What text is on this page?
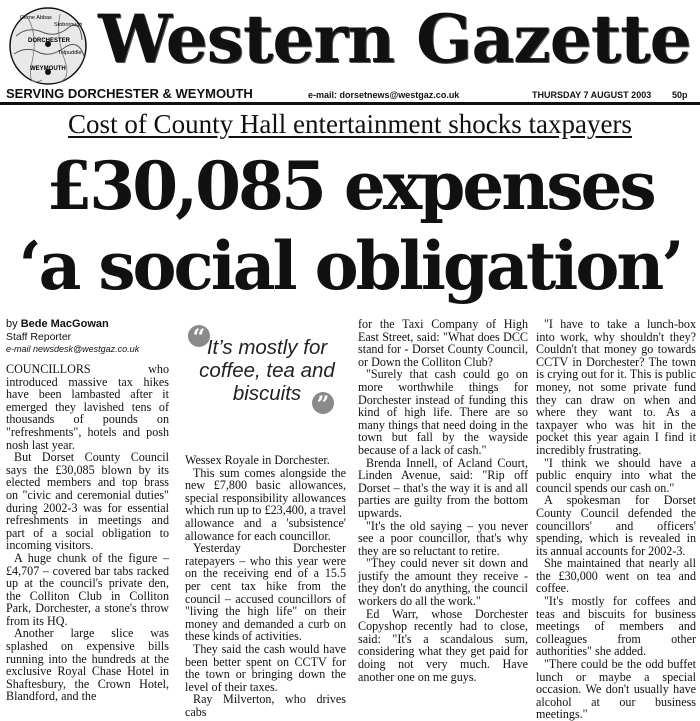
Cerne Abbas
Stoborough
DORCHESTER
Tolpuddle
WEYMOUTH Western Gazette
SERVING DORCHESTER & WEYMOUTH	e-mail: dorsetnews@westgaz.co.uk	THURSDAY 7 AUGUST 2003 50p
Cost of County Hall entertainment shocks taxpayers
£30,085 expenses
‘a social obligation’
by Bede MacGowan
Staff Reporter
e-mail newsdesk@westgaz.co.uk

COUNCILLORS who introduced massive tax hikes have been lambasted after it emerged they lavished tens of thousands of pounds on "refreshments", hotels and posh nosh last year.

But Dorset County Council says the £30,085 blown by its elected members and top brass on "civic and ceremonial duties" during 2002-3 was for essential refreshments in meetings and part of a social obligation to incoming visitors.

A huge chunk of the figure – £4,707 – covered bar tabs racked up at the council's private den, the Colliton Club in Colliton Park, Dorchester, a stone's throw from its HQ.

Another large slice was splashed on expensive bills running into the hundreds at the exclusive Royal Chase Hotel in Shaftesbury, the Crown Hotel, Blandford, and the

“ It’s mostly for coffee, tea and biscuits ”

Wessex Royale in Dorchester.

This sum comes alongside the new £7,800 basic allowances, special responsibility allowances which run up to £23,400, a travel allowance and a 'subsistence' allowance for each councillor.

Yesterday Dorchester ratepayers – who this year were on the receiving end of a 15.5 per cent tax hike from the council – accused councillors of "living the high life" on their money and demanded a curb on these kinds of activities.

They said the cash would have been better spent on CCTV for the town or bringing down the level of their taxes.

Ray Milverton, who drives cabs

for the Taxi Company of High East Street, said: "What does DCC stand for - Dorset County Council, or Down the Colliton Club?

"Surely that cash could go on more worthwhile things for Dorchester instead of funding this kind of high life. There are so many things that need doing in the town but fall by the wayside because of a lack of cash."

Brenda Innell, of Acland Court, Linden Avenue, said: "Rip off Dorset – that's the way it is and all parties are guilty from the bottom upwards.

"It's the old saying – you never see a poor councillor, that's why they are so reluctant to retire.

"They could never sit down and justify the amount they receive - they don't do anything, the council workers do all the work."

Ed Warr, whose Dorchester Copyshop recently had to close, said: "It's a scandalous sum, considering what they get paid for doing not very much. Have another one on me guys.

"I have to take a lunch-box into work, why shouldn't they? Couldn't that money go towards CCTV in Dorchester? The town is crying out for it. This is public money, not some private fund they can draw on when and where they want to. As a taxpayer who was hit in the pocket this year again I find it incredibly frustrating.

"I think we should have a public enquiry into what the council spends our cash on."

A spokesman for Dorset County Council defended the councillors' and officers' spending, which is revealed in its annual accounts for 2002-3.

She maintained that nearly all the £30,000 went on tea and coffee.

"It's mostly for coffees and teas and biscuits for business meetings of members and colleagues from other authorities" she added.

"There could be the odd buffet lunch or maybe a special occasion. We don't usually have alcohol at our business meetings."
